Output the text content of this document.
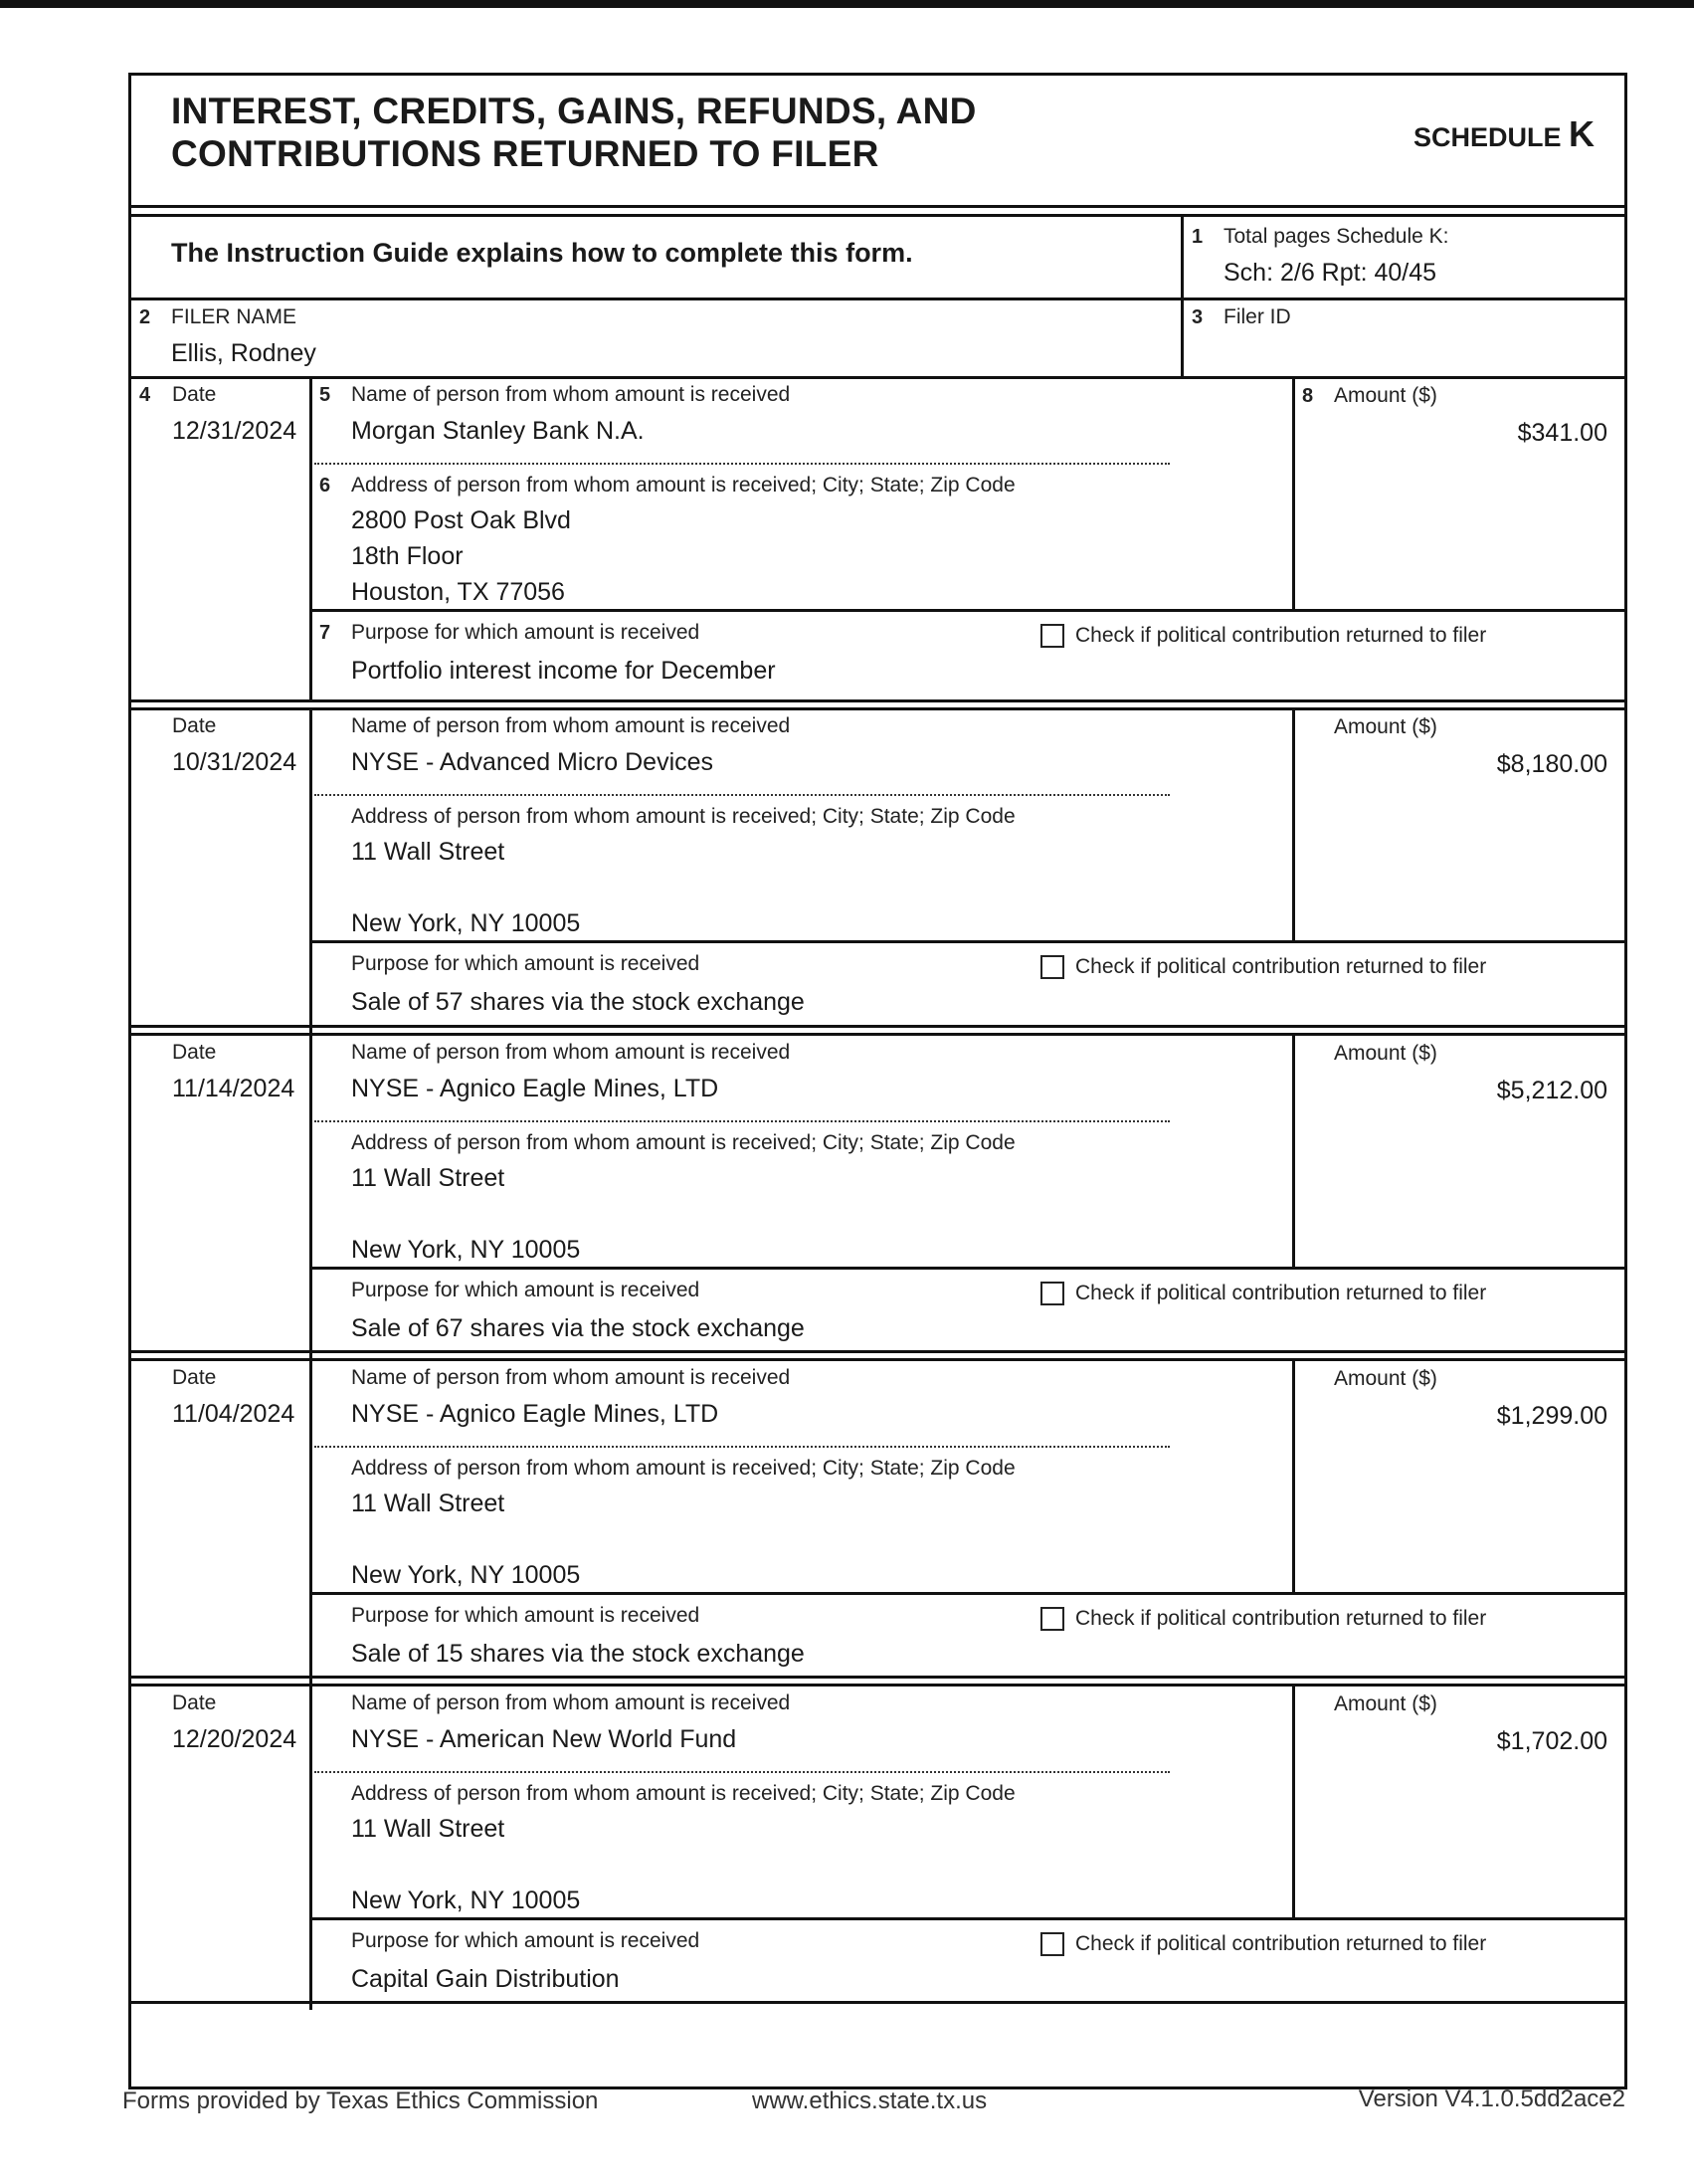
INTEREST, CREDITS, GAINS, REFUNDS, AND
CONTRIBUTIONS RETURNED TO FILER	SCHEDULE K
The Instruction Guide explains how to complete this form.
1 Total pages Schedule K:
Sch: 2/6 Rpt: 40/45
2 FILER NAME
Ellis, Rodney
3 Filer ID
4 Date
12/31/2024
5 Name of person from whom amount is received
Morgan Stanley Bank N.A.
6 Address of person from whom amount is received; City; State; Zip Code
2800 Post Oak Blvd
18th Floor
Houston, TX 77056
8 Amount ($)
$341.00
7 Purpose for which amount is received
Portfolio interest income for December
Check if political contribution returned to filer
Date
10/31/2024
Name of person from whom amount is received
NYSE - Advanced Micro Devices
Address of person from whom amount is received; City; State; Zip Code
11 Wall Street
New York, NY 10005
Amount ($)
$8,180.00
Purpose for which amount is received
Sale of 57 shares via the stock exchange
Check if political contribution returned to filer
Date
11/14/2024
Name of person from whom amount is received
NYSE - Agnico Eagle Mines, LTD
Address of person from whom amount is received; City; State; Zip Code
11 Wall Street
New York, NY 10005
Amount ($)
$5,212.00
Purpose for which amount is received
Sale of 67 shares via the stock exchange
Check if political contribution returned to filer
Date
11/04/2024
Name of person from whom amount is received
NYSE - Agnico Eagle Mines, LTD
Address of person from whom amount is received; City; State; Zip Code
11 Wall Street
New York, NY 10005
Amount ($)
$1,299.00
Purpose for which amount is received
Sale of 15 shares via the stock exchange
Check if political contribution returned to filer
Date
12/20/2024
Name of person from whom amount is received
NYSE - American New World Fund
Address of person from whom amount is received; City; State; Zip Code
11 Wall Street
New York, NY 10005
Amount ($)
$1,702.00
Purpose for which amount is received
Capital Gain Distribution
Check if political contribution returned to filer
Forms provided by Texas Ethics Commission	www.ethics.state.tx.us	Version V4.1.0.5dd2ace2
